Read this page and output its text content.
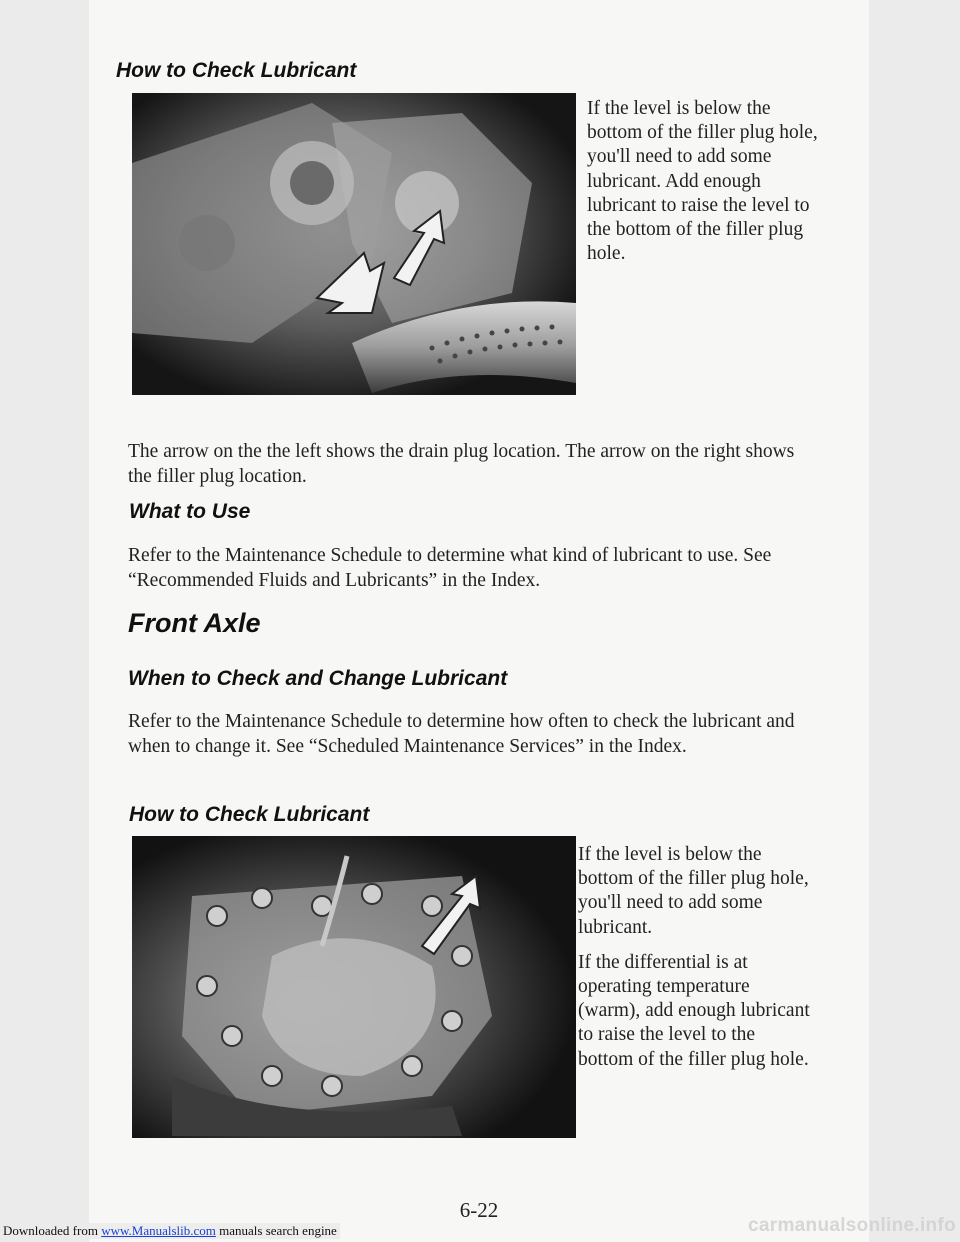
How to Check Lubricant

If the level is below the bottom of the filler plug hole, you'll need to add some lubricant. Add enough lubricant to raise the level to the bottom of the filler plug hole.

The arrow on the the left shows the drain plug location. The arrow on the right shows the filler plug location.

What to Use

Refer to the Maintenance Schedule to determine what kind of lubricant to use. See “Recommended Fluids and Lubricants” in the Index.

Front Axle
When to Check and Change Lubricant

Refer to the Maintenance Schedule to determine how often to check the lubricant and when to change it. See “Scheduled Maintenance Services” in the Index.

How to Check Lubricant

If the level is below the bottom of the filler plug hole, you'll need to add some lubricant.

If the differential is at operating temperature (warm), add enough lubricant to raise the level to the bottom of the filler plug hole.

6-22
Downloaded from www.Manualslib.com manuals search engine	carmanualsonline.info
